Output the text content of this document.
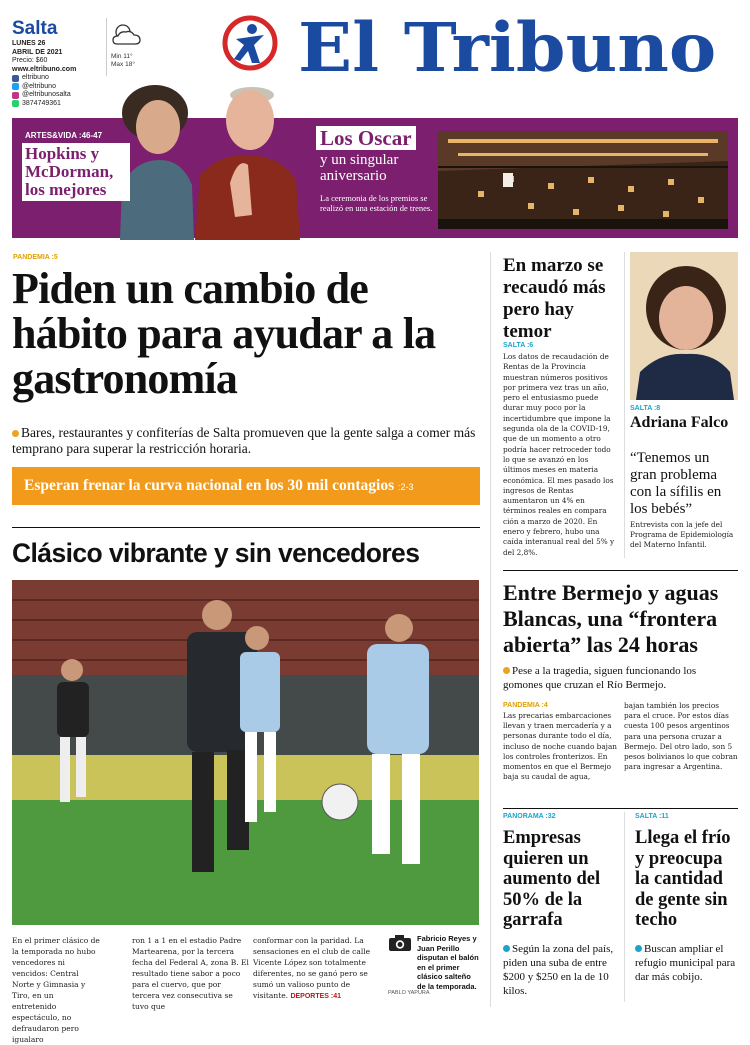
Salta
LUNES 26
ABRIL DE 2021
Precio: $60
www.eltribuno.com
eltribuno
@eltribuno
@eltribunosalta
3874749361
Min 11°
Max 18° El Tribuno
ARTES&VIDA :46-47
Hopkins y McDorman, los mejores
Los Oscar
y un singular aniversario
La ceremonia de los premios se realizó en una estación de trenes.
PANDEMIA :5
Piden un cambio de hábito para ayudar a la gastronomía
Bares, restaurantes y confiterías de Salta promueven que la gente salga a comer más temprano para superar la restricción horaria.
Esperan frenar la curva nacional en los 30 mil contagios :2-3
Clásico vibrante y sin vencedores
En el primer clásico de la temporada no hubo vencedores ni vencidos: Central Norte y Gimnasia y Tiro, en un entretenido espectáculo, no defraudaron pero igualaro
ron 1 a 1 en el estadio Padre Martearena, por la tercera fecha del Federal A, zona B. El resultado tiene sabor a poco para el cuervo, que por tercera vez consecutiva se tuvo que
conformar con la paridad. La sensaciones en el club de calle Vicente López son totalmente diferentes, no se ganó pero se sumó un valioso punto de visitante. DEPORTES :41
Fabricio Reyes y Juan Perillo disputan el balón en el primer clásico salteño de la temporada.
PABLO YAPURA
En marzo se recaudó más pero hay temor
SALTA :6
Los datos de recaudación de Rentas de la Provincia muestran números positivos por primera vez tras un año, pero el entusiasmo puede durar muy poco por la incertidumbre que impone la segunda ola de la COVID-19, que de un momento a otro podría hacer retroceder todo lo que se avanzó en los últimos meses en materia económica. El mes pasado los ingresos de Rentas aumentaron un 4% en términos reales en compara ción a marzo de 2020. En enero y febrero, hubo una caída interanual real del 5% y del 2,8%.
SALTA :8
Adriana Falco
“Tenemos un gran problema con la sífilis en los bebés”
Entrevista con la jefe del Programa de Epidemiología del Materno Infantil.
Entre Bermejo y aguas Blancas, una “frontera abierta” las 24 horas
Pese a la tragedia, siguen funcionando los gomones que cruzan el Río Bermejo.
PANDEMIA :4
Las precarias embarcaciones llevan y traen mercadería y a personas durante todo el día, incluso de noche cuando bajan los controles fronterizos. En momentos en que el Bermejo baja su caudal de agua,
bajan también los precios para el cruce. Por estos días cuesta 100 pesos argentinos para una persona cruzar a Bermejo. Del otro lado, son 5 pesos bolivianos lo que cobran para ingresar a Argentina.
PANORAMA :32
Empresas quieren un aumento del 50% de la garrafa
Según la zona del país, piden una suba de entre $200 y $250 en la de 10 kilos.
SALTA :11
Llega el frío y preocupa la cantidad de gente sin techo
Buscan ampliar el refugio municipal para dar más cobijo.
